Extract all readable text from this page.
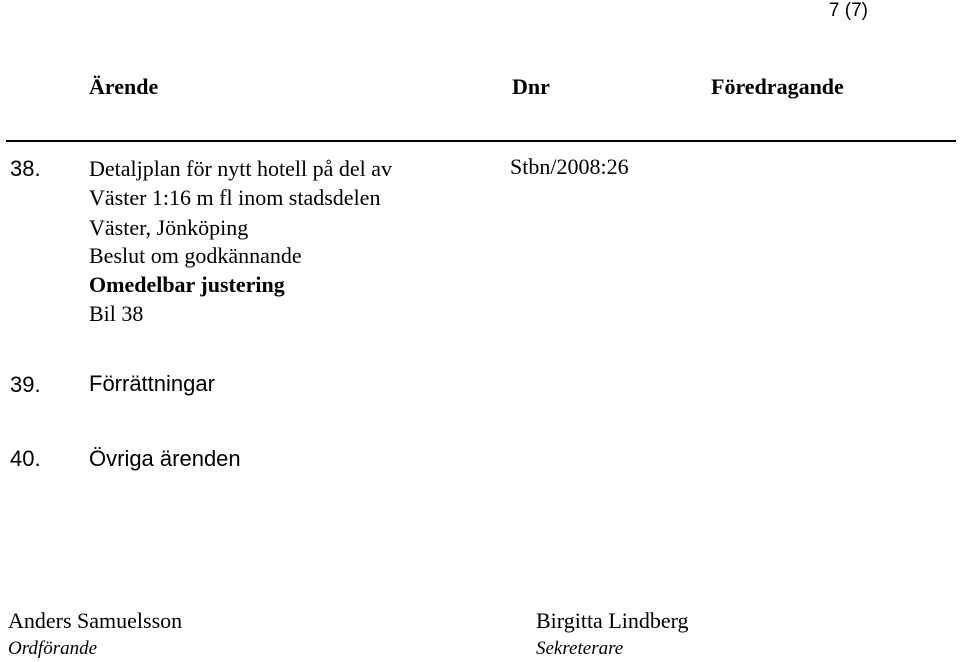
7 (7)
Ärende	Dnr	Föredragande
38. Detaljplan för nytt hotell på del av
Väster 1:16 m fl inom stadsdelen
Väster, Jönköping
Beslut om godkännande
Omedelbar justering
Bil 38
Stbn/2008:26
39. Förrättningar
40. Övriga ärenden
Anders Samuelsson
Ordförande
Birgitta Lindberg
Sekreterare
